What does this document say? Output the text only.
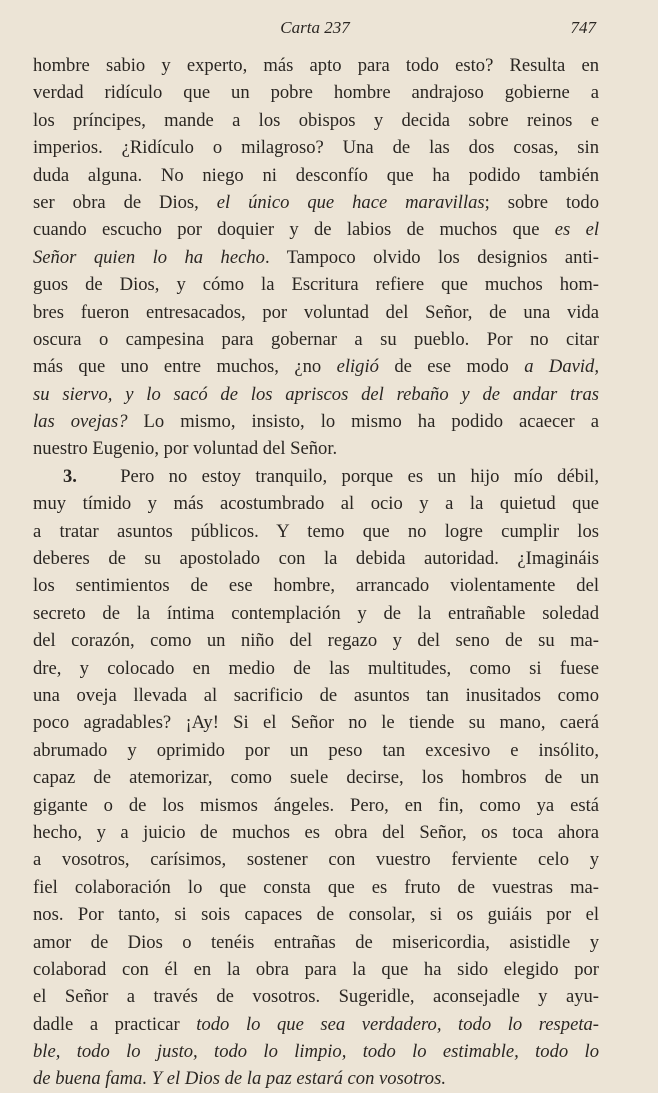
Carta 237	747
hombre sabio y experto, más apto para todo esto? Resulta en
verdad ridículo que un pobre hombre andrajoso gobierne a
los príncipes, mande a los obispos y decida sobre reinos e
imperios. ¿Ridículo o milagroso? Una de las dos cosas, sin
duda alguna. No niego ni desconfío que ha podido también
ser obra de Dios, el único que hace maravillas; sobre todo
cuando escucho por doquier y de labios de muchos que es el
Señor quien lo ha hecho. Tampoco olvido los designios anti-
guos de Dios, y cómo la Escritura refiere que muchos hom-
bres fueron entresacados, por voluntad del Señor, de una vida
oscura o campesina para gobernar a su pueblo. Por no citar
más que uno entre muchos, ¿no eligió de ese modo a David,
su siervo, y lo sacó de los apriscos del rebaño y de andar tras
las ovejas? Lo mismo, insisto, lo mismo ha podido acaecer a
nuestro Eugenio, por voluntad del Señor.
3. Pero no estoy tranquilo, porque es un hijo mío débil,
muy tímido y más acostumbrado al ocio y a la quietud que
a tratar asuntos públicos. Y temo que no logre cumplir los
deberes de su apostolado con la debida autoridad. ¿Imagináis
los sentimientos de ese hombre, arrancado violentamente del
secreto de la íntima contemplación y de la entrañable soledad
del corazón, como un niño del regazo y del seno de su ma-
dre, y colocado en medio de las multitudes, como si fuese
una oveja llevada al sacrificio de asuntos tan inusitados como
poco agradables? ¡Ay! Si el Señor no le tiende su mano, caerá
abrumado y oprimido por un peso tan excesivo e insólito,
capaz de atemorizar, como suele decirse, los hombros de un
gigante o de los mismos ángeles. Pero, en fin, como ya está
hecho, y a juicio de muchos es obra del Señor, os toca ahora
a vosotros, carísimos, sostener con vuestro ferviente celo y
fiel colaboración lo que consta que es fruto de vuestras ma-
nos. Por tanto, si sois capaces de consolar, si os guiáis por el
amor de Dios o tenéis entrañas de misericordia, asistidle y
colaborad con él en la obra para la que ha sido elegido por
el Señor a través de vosotros. Sugeridle, aconsejadle y ayu-
dadle a practicar todo lo que sea verdadero, todo lo respeta-
ble, todo lo justo, todo lo limpio, todo lo estimable, todo lo
de buena fama. Y el Dios de la paz estará con vosotros.
